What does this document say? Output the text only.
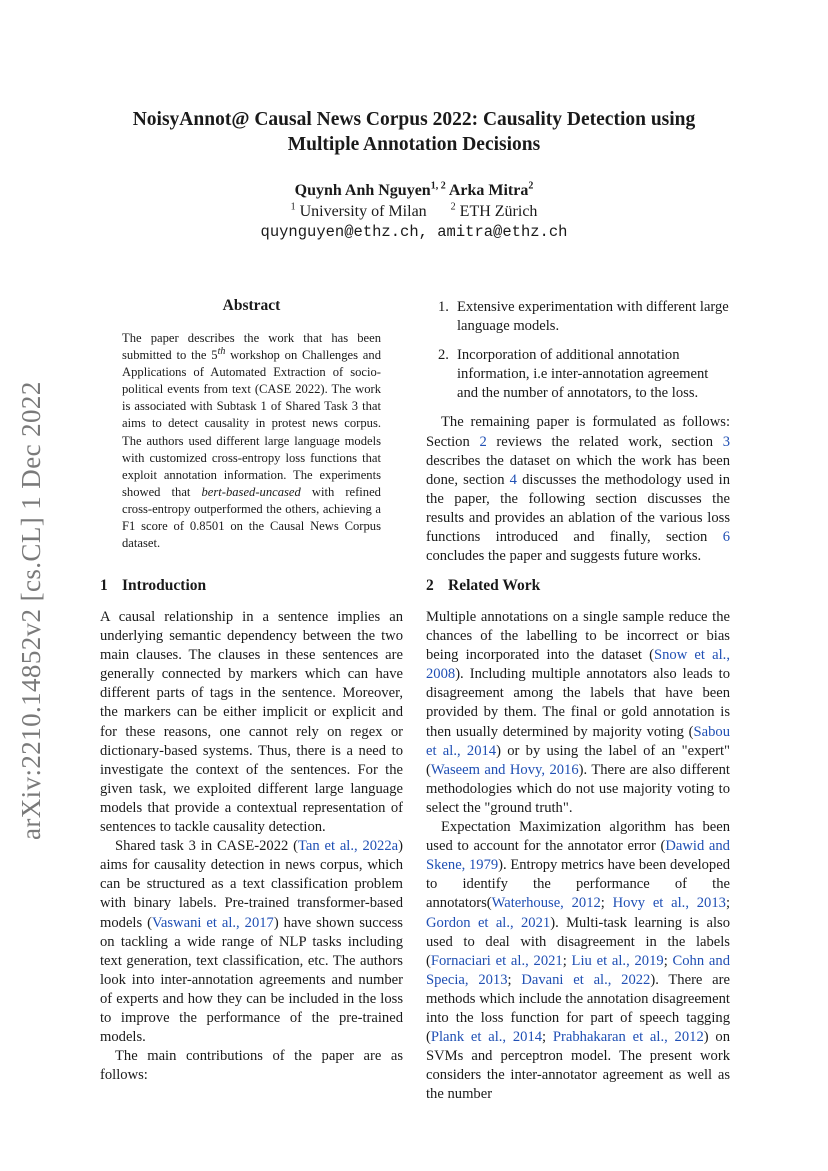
arXiv:2210.14852v2 [cs.CL] 1 Dec 2022
NoisyAnnot@ Causal News Corpus 2022: Causality Detection using
Multiple Annotation Decisions
Quynh Anh Nguyen$^{1, 2}$ Arka Mitra$^2$
$^1$ University of Milan $^2$ ETH Zürich
quynguyen@ethz.ch, amitra@ethz.ch
Abstract

The paper describes the work that has been submitted to the 5th workshop on Challenges and Applications of Automated Extraction of socio-political events from text (CASE 2022). The work is associated with Subtask 1 of Shared Task 3 that aims to detect causality in protest news corpus. The authors used different large language models with customized cross-entropy loss functions that exploit annotation information. The experiments showed that bert-based-uncased with refined cross-entropy outperformed the others, achieving a F1 score of 0.8501 on the Causal News Corpus dataset.

1 Introduction

A causal relationship in a sentence implies an underlying semantic dependency between the two main clauses. The clauses in these sentences are generally connected by markers which can have different parts of tags in the sentence. Moreover, the markers can be either implicit or explicit and for these reasons, one cannot rely on regex or dictionary-based systems. Thus, there is a need to investigate the context of the sentences. For the given task, we exploited different large language models that provide a contextual representation of sentences to tackle causality detection.

Shared task 3 in CASE-2022 (Tan et al., 2022a) aims for causality detection in news corpus, which can be structured as a text classification problem with binary labels. Pre-trained transformer-based models (Vaswani et al., 2017) have shown success on tackling a wide range of NLP tasks including text generation, text classification, etc. The authors look into inter-annotation agreements and number of experts and how they can be included in the loss to improve the performance of the pre-trained models.

The main contributions of the paper are as follows:

1. Extensive experimentation with different large language models.
2. Incorporation of additional annotation information, i.e inter-annotation agreement and the number of annotators, to the loss.

The remaining paper is formulated as follows: Section 2 reviews the related work, section 3 describes the dataset on which the work has been done, section 4 discusses the methodology used in the paper, the following section discusses the results and provides an ablation of the various loss functions introduced and finally, section 6 concludes the paper and suggests future works.

2 Related Work

Multiple annotations on a single sample reduce the chances of the labelling to be incorrect or bias being incorporated into the dataset (Snow et al., 2008). Including multiple annotators also leads to disagreement among the labels that have been provided by them. The final or gold annotation is then usually determined by majority voting (Sabou et al., 2014) or by using the label of an "expert" (Waseem and Hovy, 2016). There are also different methodologies which do not use majority voting to select the "ground truth".

Expectation Maximization algorithm has been used to account for the annotator error (Dawid and Skene, 1979). Entropy metrics have been developed to identify the performance of the annotators(Waterhouse, 2012; Hovy et al., 2013; Gordon et al., 2021). Multi-task learning is also used to deal with disagreement in the labels (Fornaciari et al., 2021; Liu et al., 2019; Cohn and Specia, 2013; Davani et al., 2022). There are methods which include the annotation disagreement into the loss function for part of speech tagging (Plank et al., 2014; Prabhakaran et al., 2012) on SVMs and perceptron model. The present work considers the inter-annotator agreement as well as the number
